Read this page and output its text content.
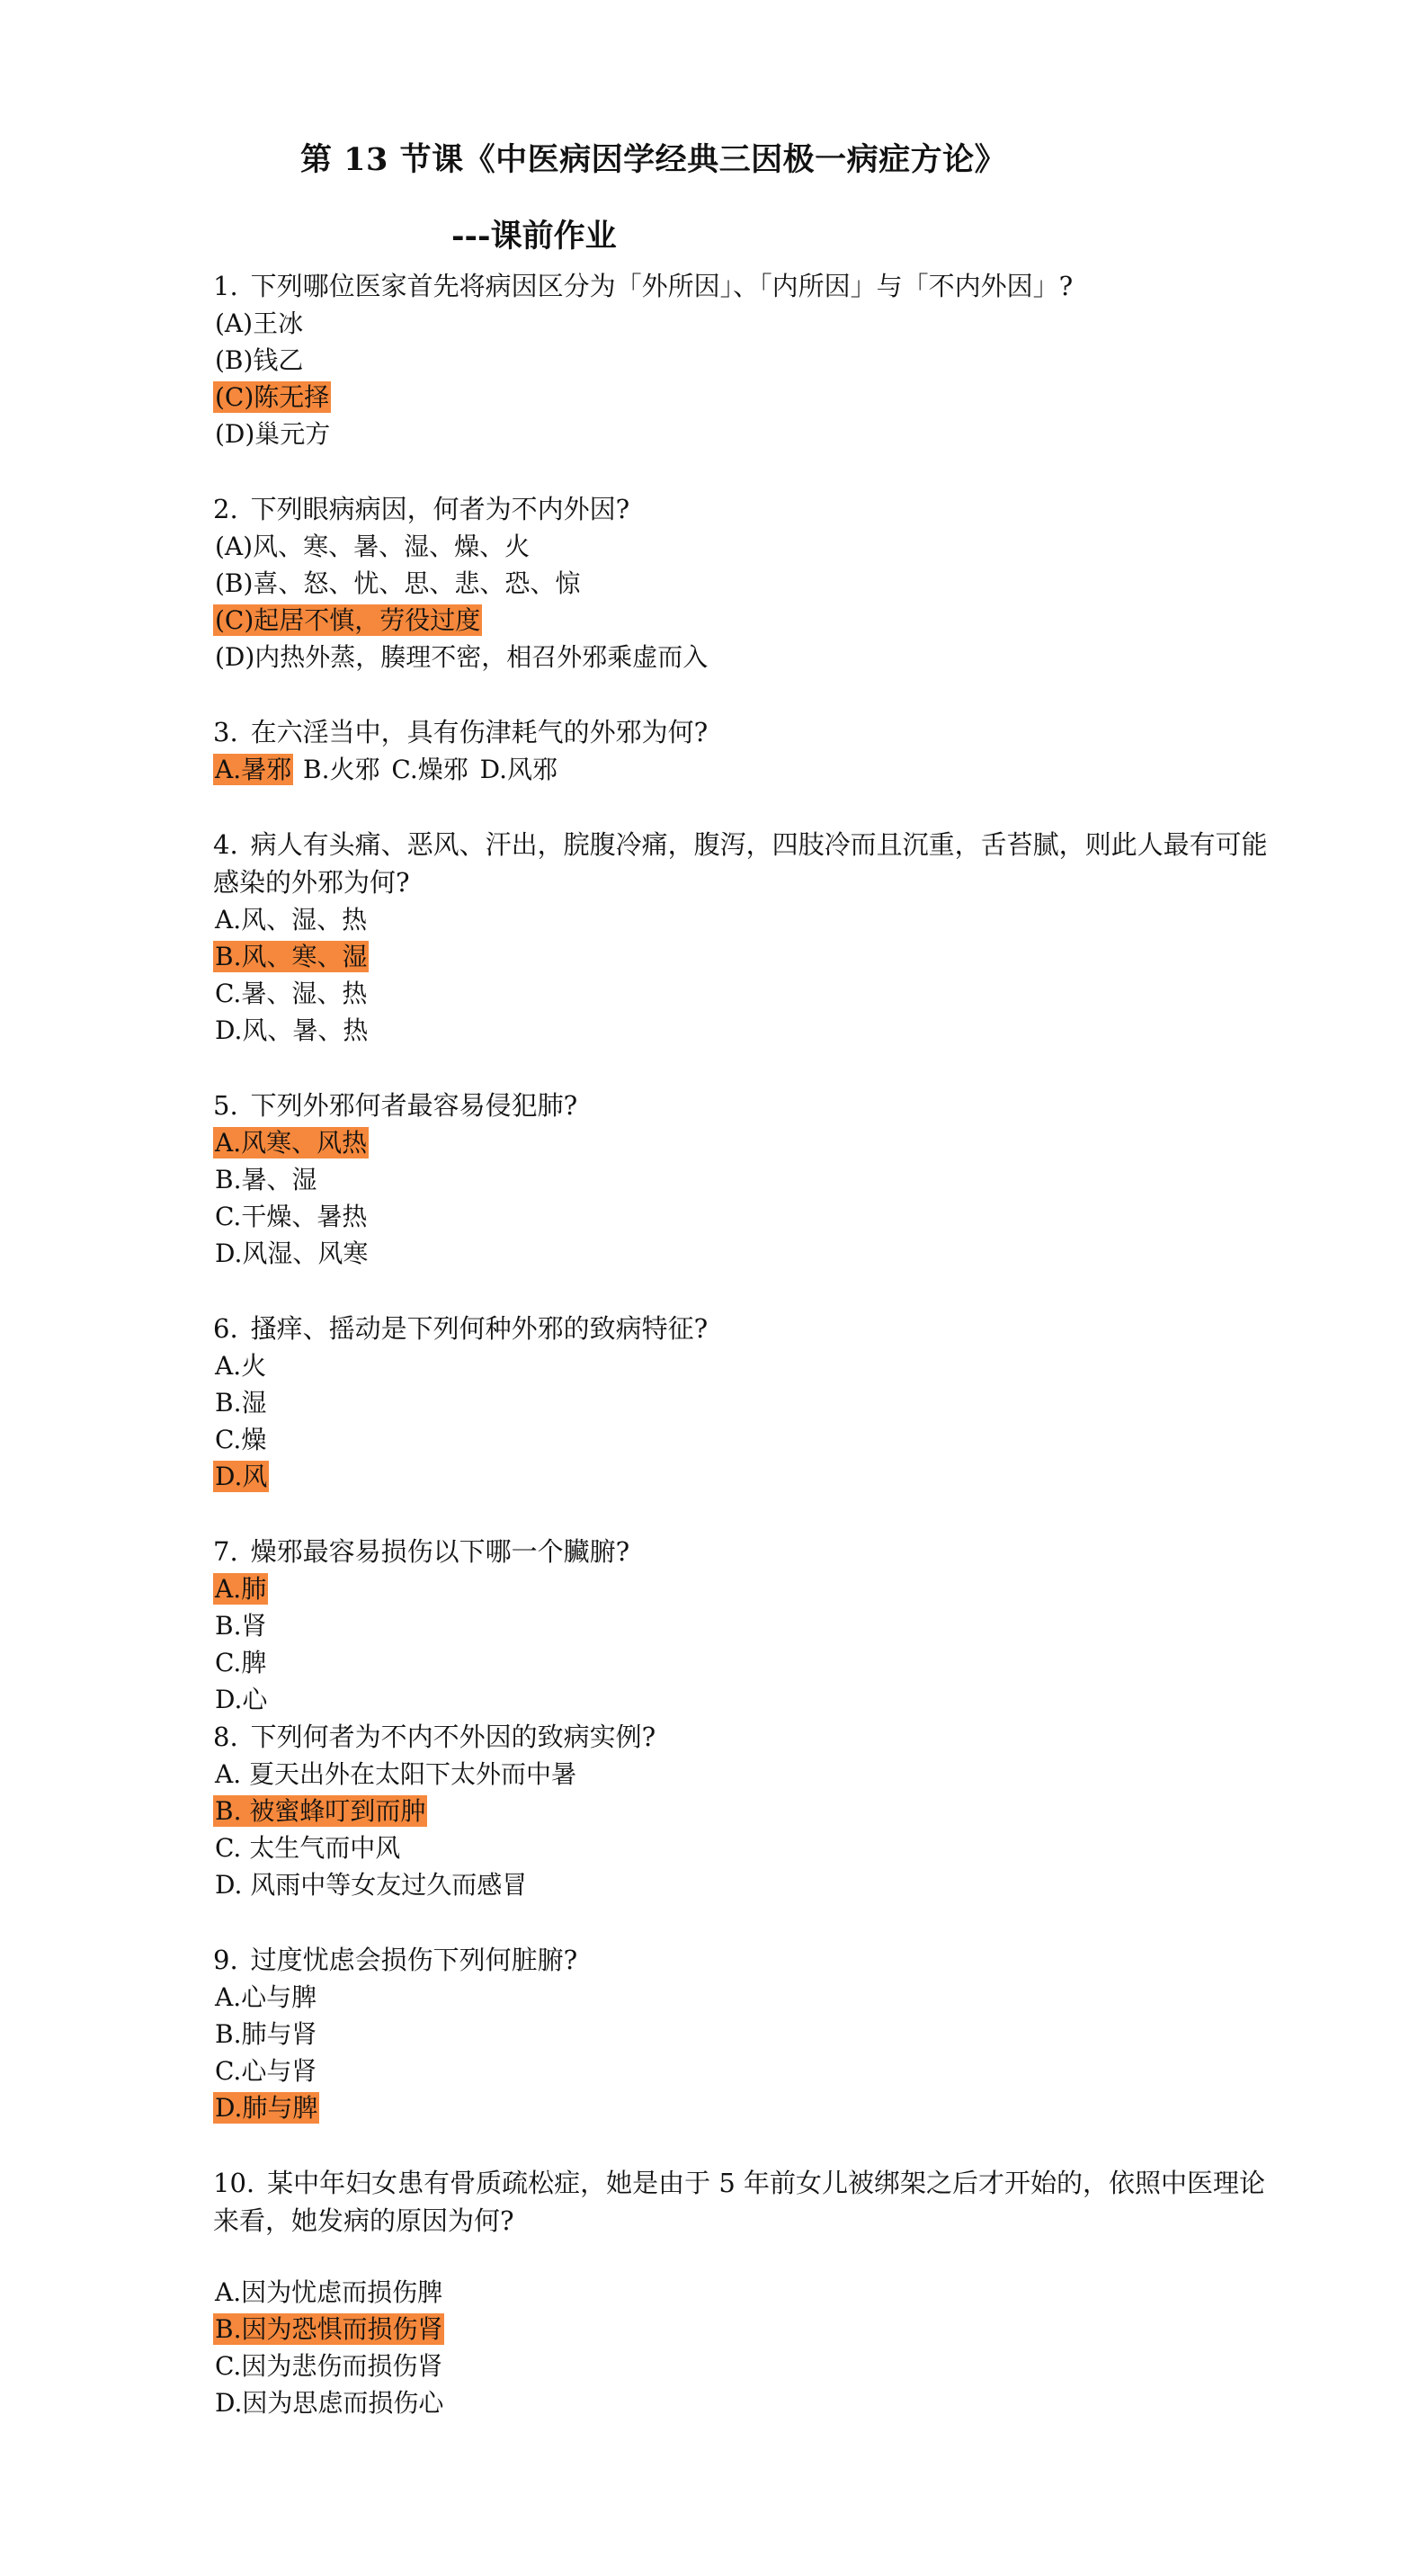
第 13 节课《中医病因学经典三因极一病症方论》
---课前作业
1. 下列哪位医家首先将病因区分为「外所因」、「内所因」与「不内外因」?
(A)王冰
(B)钱乙
(C)陈无择
(D)巢元方
2. 下列眼病病因，何者为不内外因?
(A)风、寒、暑、湿、燥、火
(B)喜、怒、忧、思、悲、恐、惊
(C)起居不慎，劳役过度
(D)内热外蒸，腠理不密，相召外邪乘虚而入
3. 在六淫当中，具有伤津耗气的外邪为何?
A.暑邪 B.火邪 C.燥邪 D.风邪
4. 病人有头痛、恶风、汗出，脘腹冷痛，腹泻，四肢冷而且沉重，舌苔腻，则此人最有可能感染的外邪为何?
A.风、湿、热
B.风、寒、湿
C.暑、湿、热
D.风、暑、热
5. 下列外邪何者最容易侵犯肺?
A.风寒、风热
B.暑、湿
C.干燥、暑热
D.风湿、风寒
6. 搔痒、摇动是下列何种外邪的致病特征?
A.火
B.湿
C.燥
D.风
7. 燥邪最容易损伤以下哪一个臟腑?
A.肺
B.肾
C.脾
D.心
8. 下列何者为不内不外因的致病实例?
A. 夏天出外在太阳下太外而中暑
B. 被蜜蜂叮到而肿
C. 太生气而中风
D. 风雨中等女友过久而感冒
9. 过度忧虑会损伤下列何脏腑?
A.心与脾
B.肺与肾
C.心与肾
D.肺与脾
10. 某中年妇女患有骨质疏松症，她是由于 5 年前女儿被绑架之后才开始的，依照中医理论来看，她发病的原因为何?
A.因为忧虑而损伤脾
B.因为恐惧而损伤肾
C.因为悲伤而损伤肾
D.因为思虑而损伤心
